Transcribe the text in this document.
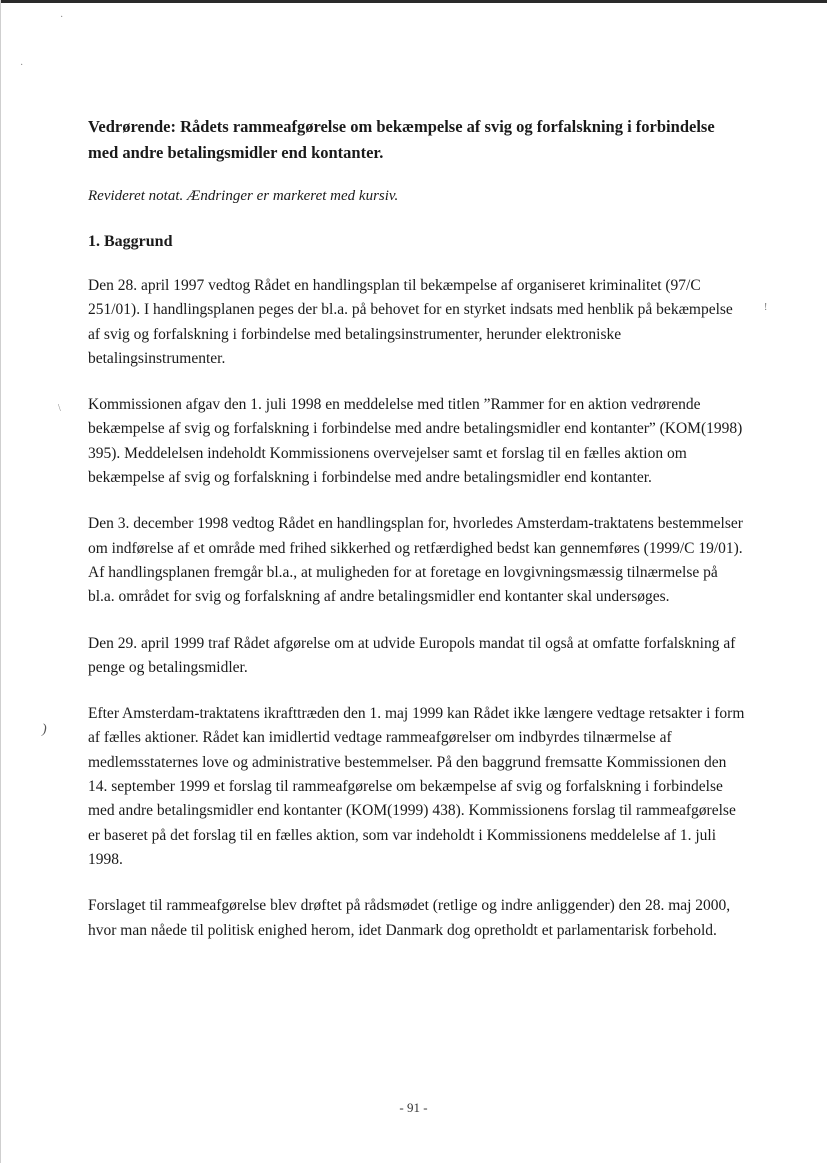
·
·
\
!
)
Vedrørende: Rådets rammeafgørelse om bekæmpelse af svig og forfalskning i forbindelse med andre betalingsmidler end kontanter.

Revideret notat. Ændringer er markeret med kursiv.

1. Baggrund

Den 28. april 1997 vedtog Rådet en handlingsplan til bekæmpelse af organiseret kriminalitet (97/C 251/01). I handlingsplanen peges der bl.a. på behovet for en styrket indsats med henblik på bekæmpelse af svig og forfalskning i forbindelse med betalingsinstrumenter, herunder elektroniske betalingsinstrumenter.

Kommissionen afgav den 1. juli 1998 en meddelelse med titlen ”Rammer for en aktion vedrørende bekæmpelse af svig og forfalskning i forbindelse med andre betalingsmidler end kontanter” (KOM(1998) 395). Meddelelsen indeholdt Kommissionens overvejelser samt et forslag til en fælles aktion om bekæmpelse af svig og forfalskning i forbindelse med andre betalingsmidler end kontanter.

Den 3. december 1998 vedtog Rådet en handlingsplan for, hvorledes Amsterdam-traktatens bestemmelser om indførelse af et område med frihed sikkerhed og retfærdighed bedst kan gennemføres (1999/C 19/01). Af handlingsplanen fremgår bl.a., at muligheden for at foretage en lovgivningsmæssig tilnærmelse på bl.a. området for svig og forfalskning af andre betalingsmidler end kontanter skal undersøges.

Den 29. april 1999 traf Rådet afgørelse om at udvide Europols mandat til også at omfatte forfalskning af penge og betalingsmidler.

Efter Amsterdam-traktatens ikrafttræden den 1. maj 1999 kan Rådet ikke længere vedtage retsakter i form af fælles aktioner. Rådet kan imidlertid vedtage rammeafgørelser om indbyrdes tilnærmelse af medlemsstaternes love og administrative bestemmelser. På den baggrund fremsatte Kommissionen den 14. september 1999 et forslag til rammeafgørelse om bekæmpelse af svig og forfalskning i forbindelse med andre betalingsmidler end kontanter (KOM(1999) 438). Kommissionens forslag til rammeafgørelse er baseret på det forslag til en fælles aktion, som var indeholdt i Kommissionens meddelelse af 1. juli 1998.

Forslaget til rammeafgørelse blev drøftet på rådsmødet (retlige og indre anliggender) den 28. maj 2000, hvor man nåede til politisk enighed herom, idet Danmark dog opretholdt et parlamentarisk forbehold.

- 91 -
